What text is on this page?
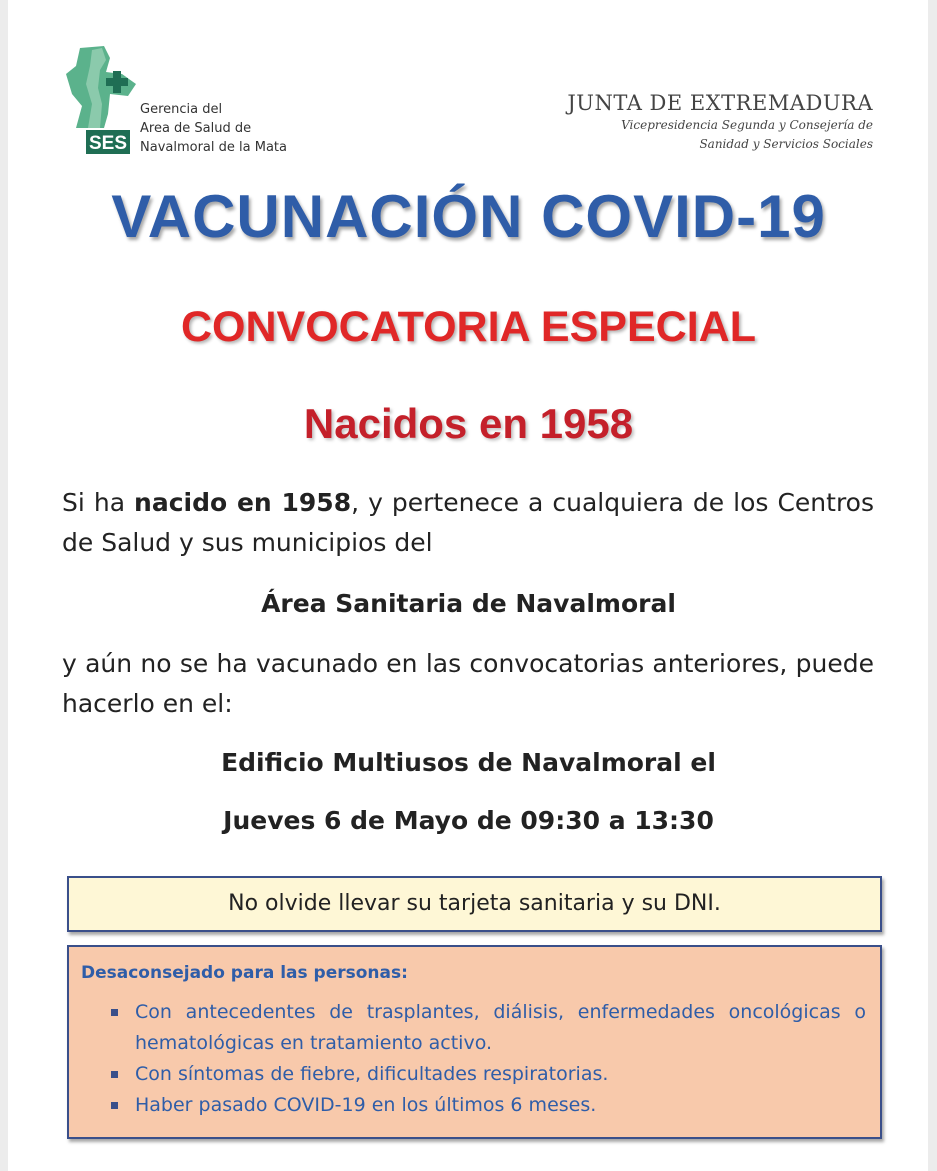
SES
Gerencia del
Area de Salud de
Navalmoral de la Mata
JUNTA DE EXTREMADURA
Vicepresidencia Segunda y Consejería de
Sanidad y Servicios Sociales
VACUNACIÓN COVID-19
CONVOCATORIA ESPECIAL
Nacidos en 1958
Si ha nacido en 1958, y pertenece a cualquiera de los Centros de Salud y sus municipios del
Área Sanitaria de Navalmoral
y aún no se ha vacunado en las convocatorias anteriores, puede hacerlo en el:
Edificio Multiusos de Navalmoral el
Jueves 6 de Mayo de 09:30 a 13:30
No olvide llevar su tarjeta sanitaria y su DNI.
Desaconsejado para las personas:
Con antecedentes de trasplantes, diálisis, enfermedades oncológicas o hematológicas en tratamiento activo.
Con síntomas de fiebre, dificultades respiratorias.
Haber pasado COVID-19 en los últimos 6 meses.
